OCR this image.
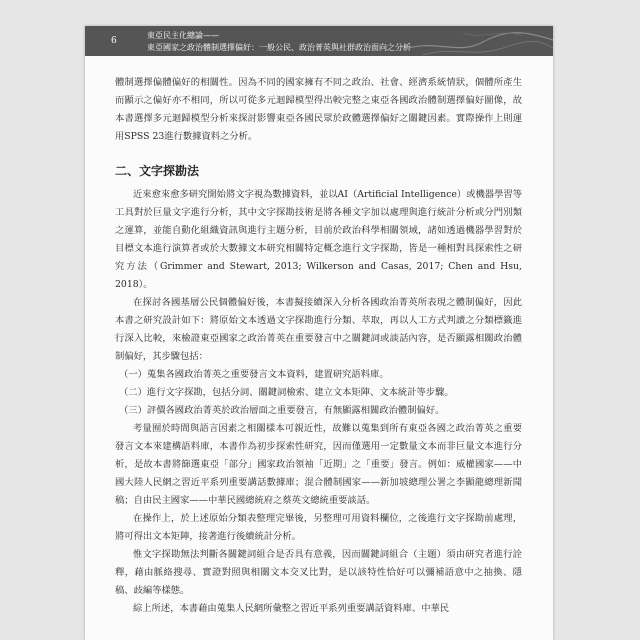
6
東亞民主化總論——
東亞國家之政治體制選擇偏好：一般公民、政治菁英與社群政治面向之分析

體制選擇偏體偏好的相關性。因為不同的國家擁有不同之政治、社會、經濟系統情狀，個體所產生而顯示之偏好亦不相同，所以可從多元迴歸模型得出較完整之東亞各國政治體制選擇偏好圖像，故本書選擇多元迴歸模型分析來探討影響東亞各國民眾於政體選擇偏好之關鍵因素。實際操作上則運用SPSS 23進行數據資料之分析。

二、文字探勘法

近來愈來愈多研究開始將文字視為數據資料，並以AI（Artificial Intelligence）或機器學習等工具對於巨量文字進行分析，其中文字探勘技術是將各種文字加以處理與進行統計分析或分門別類之運算，並能自動化組織資訊與進行主題分析，目前於政治科學相關領域，諸如透過機器學習對於目標文本進行演算者或於大數據文本研究相關特定概念進行文字探勘，皆是一種相對具探索性之研究方法（Grimmer and Stewart, 2013; Wilkerson and Casas, 2017; Chen and Hsu, 2018）。

在探討各國基層公民個體偏好後，本書擬接續深入分析各國政治菁英所表現之體制偏好，因此本書之研究設計如下：將原始文本透過文字探勘進行分類、萃取，再以人工方式判讀之分類標籤進行深入比較，來檢證東亞國家之政治菁英在重要發言中之關鍵詞或談話內容，是否顯露相關政治體制偏好，其步驟包括：

（一）蒐集各國政治菁英之重要發言文本資料，建置研究語料庫。

（二）進行文字探勘，包括分詞、關鍵詞檢索、建立文本矩陣、文本統計等步驟。

（三）評價各國政治菁英於政治層面之重要發言，有無顯露相關政治體制偏好。

考量囿於時間與語言因素之相關樣本可親近性，故難以蒐集到所有東亞各國之政治菁英之重要發言文本來建構語料庫，本書作為初步探索性研究，因而僅選用一定數量文本而非巨量文本進行分析，是故本書將篩選東亞「部分」國家政治領袖「近期」之「重要」發言。例如：威權國家——中國大陸人民網之習近平系列重要講話數據庫；混合體制國家——新加坡總理公署之李顯龍總理新聞稿；自由民主國家——中華民國總統府之蔡英文總統重要談話。

在操作上，於上述原始分類表整理完畢後，另整理可用資料欄位，之後進行文字探勘前處理，將可得出文本矩陣，接著進行後續統計分析。

惟文字探勘無法判斷各關鍵詞組合是否具有意義，因而關鍵詞組合（主題）須由研究者進行詮釋，藉由脈絡搜尋、實證對照與相關文本交叉比對，是以該特性恰好可以彌補語意中之抽換、隱稿、歧編等樣態。

綜上所述，本書藉由蒐集人民網所彙整之習近平系列重要講話資料庫、中華民
